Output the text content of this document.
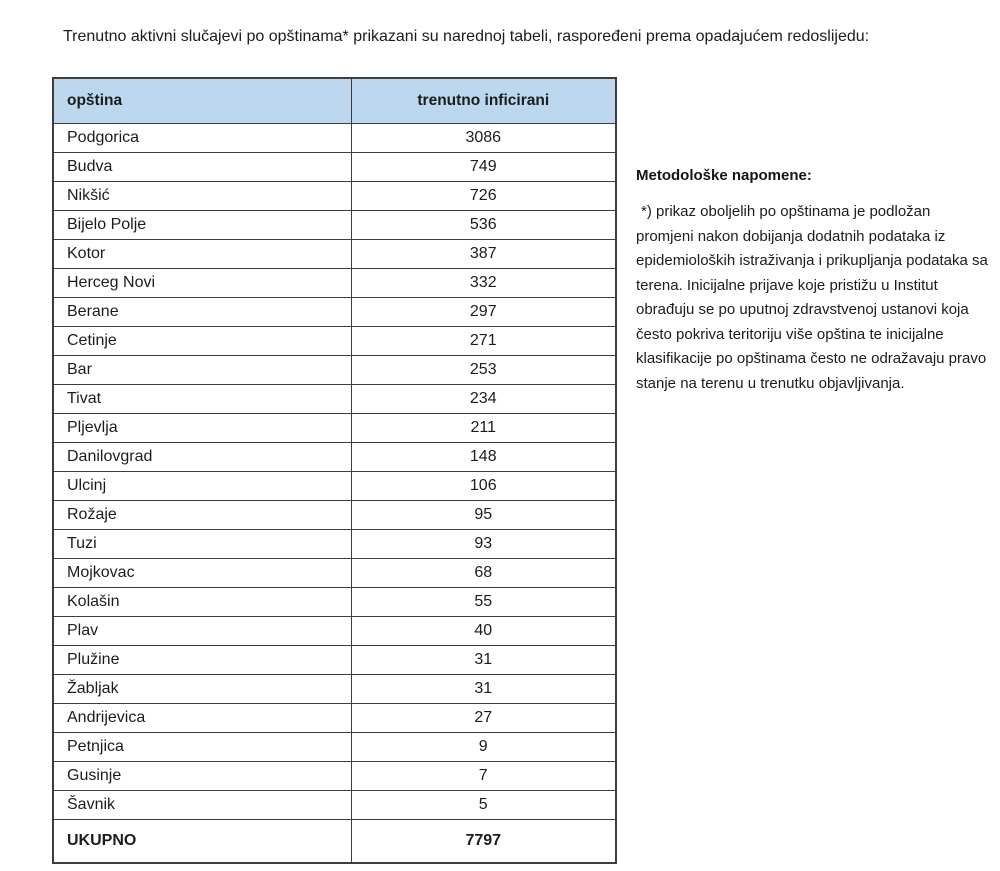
Trenutno aktivni slučajevi po opštinama* prikazani su narednoj tabeli, raspoređeni prema opadajućem redoslijedu:

opština	trenutno inficirani
Podgorica	3086
Budva	749
Nikšić	726
Bijelo Polje	536
Kotor	387
Herceg Novi	332
Berane	297
Cetinje	271
Bar	253
Tivat	234
Pljevlja	211
Danilovgrad	148
Ulcinj	106
Rožaje	95
Tuzi	93
Mojkovac	68
Kolašin	55
Plav	40
Plužine	31
Žabljak	31
Andrijevica	27
Petnjica	9
Gusinje	7
Šavnik	5
UKUPNO	7797

Metodološke napomene:

*) prikaz oboljelih po opštinama je podložan promjeni nakon dobijanja dodatnih podataka iz epidemioloških istraživanja i prikupljanja podataka sa terena. Inicijalne prijave koje pristižu u Institut obrađuju se po uputnoj zdravstvenoj ustanovi koja često pokriva teritoriju više opština te inicijalne klasifikacije po opštinama često ne odražavaju pravo stanje na terenu u trenutku objavljivanja.
